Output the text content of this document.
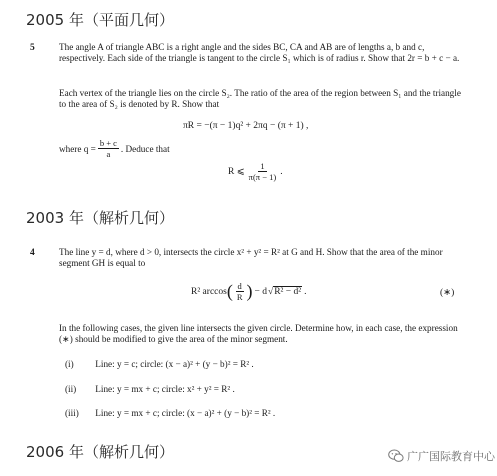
2005 年（平面几何）
5	The angle A of triangle ABC is a right angle and the sides BC, CA and AB are of lengths a, b and c, respectively. Each side of the triangle is tangent to the circle S₁ which is of radius r. Show that 2r = b + c − a.
Each vertex of the triangle lies on the circle S₂. The ratio of the area of the region between S₁ and the triangle to the area of S₂ is denoted by R. Show that
πR = −(π − 1)q² + 2πq − (π + 1) ,
where $q = \frac{b + c}{a}$ . Deduce that
R ⩽ $\frac{1}{\pi(\pi - 1)}$ .
2003 年（解析几何）
4	The line y = d, where d > 0, intersects the circle x² + y² = R² at G and H. Show that the area of the minor segment GH is equal to
R² arccos ( $\frac{d}{R}$ ) − d √ R² − d² .	(∗)
In the following cases, the given line intersects the given circle. Determine how, in each case, the expression (∗) should be modified to give the area of the minor segment.
(i) Line: y = c; circle: (x − a)² + (y − b)² = R² .
(ii) Line: y = mx + c; circle: x² + y² = R² .
(iii) Line: y = mx + c; circle: (x − a)² + (y − b)² = R² .
2006 年（解析几何）	广广国际教育中心
